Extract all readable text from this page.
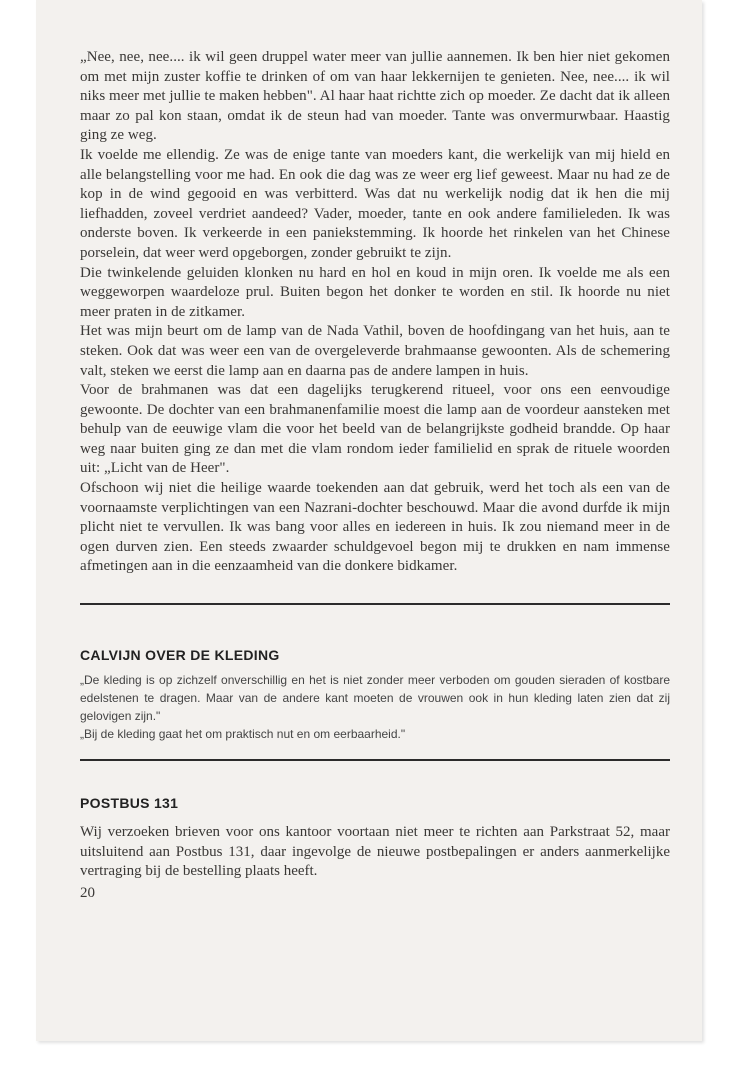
„Nee, nee, nee.... ik wil geen druppel water meer van jullie aannemen. Ik ben hier niet gekomen om met mijn zuster koffie te drinken of om van haar lekkernijen te genieten. Nee, nee.... ik wil niks meer met jullie te maken hebben". Al haar haat richtte zich op moeder. Ze dacht dat ik alleen maar zo pal kon staan, omdat ik de steun had van moeder. Tante was onvermurwbaar. Haastig ging ze weg.

Ik voelde me ellendig. Ze was de enige tante van moeders kant, die werkelijk van mij hield en alle belangstelling voor me had. En ook die dag was ze weer erg lief geweest. Maar nu had ze de kop in de wind gegooid en was verbitterd. Was dat nu werkelijk nodig dat ik hen die mij liefhadden, zoveel verdriet aandeed? Vader, moeder, tante en ook andere familieleden. Ik was onderste boven. Ik verkeerde in een paniekstemming. Ik hoorde het rinkelen van het Chinese porselein, dat weer werd opgeborgen, zonder gebruikt te zijn.

Die twinkelende geluiden klonken nu hard en hol en koud in mijn oren. Ik voelde me als een weggeworpen waardeloze prul. Buiten begon het donker te worden en stil. Ik hoorde nu niet meer praten in de zitkamer.

Het was mijn beurt om de lamp van de Nada Vathil, boven de hoofdingang van het huis, aan te steken. Ook dat was weer een van de overgeleverde brahmaanse gewoonten. Als de schemering valt, steken we eerst die lamp aan en daarna pas de andere lampen in huis.

Voor de brahmanen was dat een dagelijks terugkerend ritueel, voor ons een eenvoudige gewoonte. De dochter van een brahmanenfamilie moest die lamp aan de voordeur aansteken met behulp van de eeuwige vlam die voor het beeld van de belangrijkste godheid brandde. Op haar weg naar buiten ging ze dan met die vlam rondom ieder familielid en sprak de rituele woorden uit: „Licht van de Heer".

Ofschoon wij niet die heilige waarde toekenden aan dat gebruik, werd het toch als een van de voornaamste verplichtingen van een Nazrani-dochter beschouwd. Maar die avond durfde ik mijn plicht niet te vervullen. Ik was bang voor alles en iedereen in huis. Ik zou niemand meer in de ogen durven zien. Een steeds zwaarder schuldgevoel begon mij te drukken en nam immense afmetingen aan in die eenzaamheid van die donkere bidkamer.

CALVIJN OVER DE KLEDING

„De kleding is op zichzelf onverschillig en het is niet zonder meer verboden om gouden sieraden of kostbare edelstenen te dragen. Maar van de andere kant moeten de vrouwen ook in hun kleding laten zien dat zij gelovigen zijn."

„Bij de kleding gaat het om praktisch nut en om eerbaarheid."

POSTBUS 131

Wij verzoeken brieven voor ons kantoor voortaan niet meer te richten aan Parkstraat 52, maar uitsluitend aan Postbus 131, daar ingevolge de nieuwe postbepalingen er anders aanmerkelijke vertraging bij de bestelling plaats heeft.

20
